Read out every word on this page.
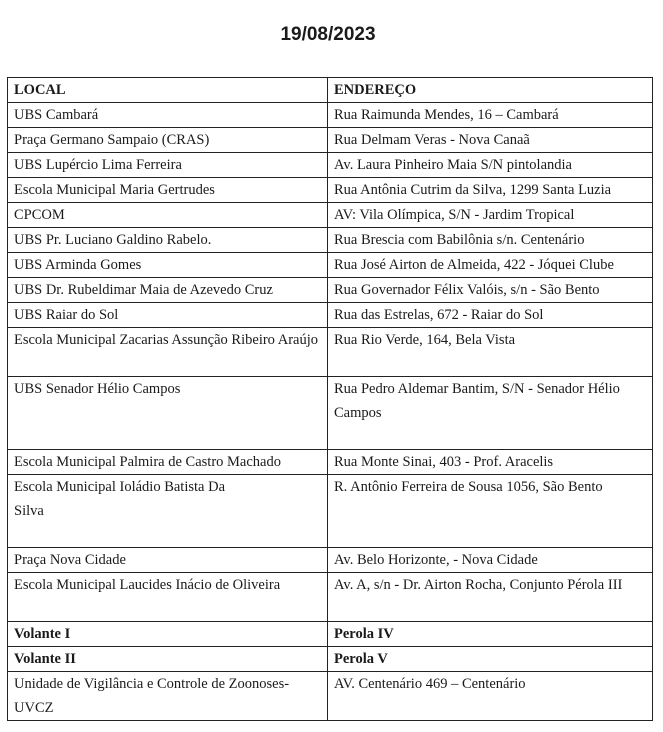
19/08/2023
LOCAL	ENDEREÇO
UBS Cambará	Rua Raimunda Mendes, 16 – Cambará
Praça Germano Sampaio (CRAS)	Rua Delmam Veras - Nova Canaã
UBS Lupércio Lima Ferreira	Av. Laura Pinheiro Maia S/N pintolandia
Escola Municipal Maria Gertrudes	Rua Antônia Cutrim da Silva, 1299 Santa Luzia
CPCOM	AV: Vila Olímpica, S/N - Jardim Tropical
UBS Pr. Luciano Galdino Rabelo.	Rua Brescia com Babilônia s/n. Centenário
UBS Arminda Gomes	Rua José Airton de Almeida, 422 - Jóquei Clube
UBS Dr. Rubeldimar Maia de Azevedo Cruz	Rua Governador Félix Valóis, s/n - São Bento
UBS Raiar do Sol	Rua das Estrelas, 672 - Raiar do Sol
Escola Municipal Zacarias Assunção Ribeiro Araújo	Rua Rio Verde, 164, Bela Vista
UBS Senador Hélio Campos	Rua Pedro Aldemar Bantim, S/N - Senador Hélio
Campos
Escola Municipal Palmira de Castro Machado	Rua Monte Sinai, 403 - Prof. Aracelis
Escola Municipal Ioládio Batista Da
Silva	R. Antônio Ferreira de Sousa 1056, São Bento
Praça Nova Cidade	Av. Belo Horizonte, - Nova Cidade
Escola Municipal Laucides Inácio de Oliveira	Av. A, s/n - Dr. Airton Rocha, Conjunto Pérola III
Volante I	Perola IV
Volante II	Perola V
Unidade de Vigilância e Controle de Zoonoses-UVCZ	AV. Centenário 469 – Centenário
